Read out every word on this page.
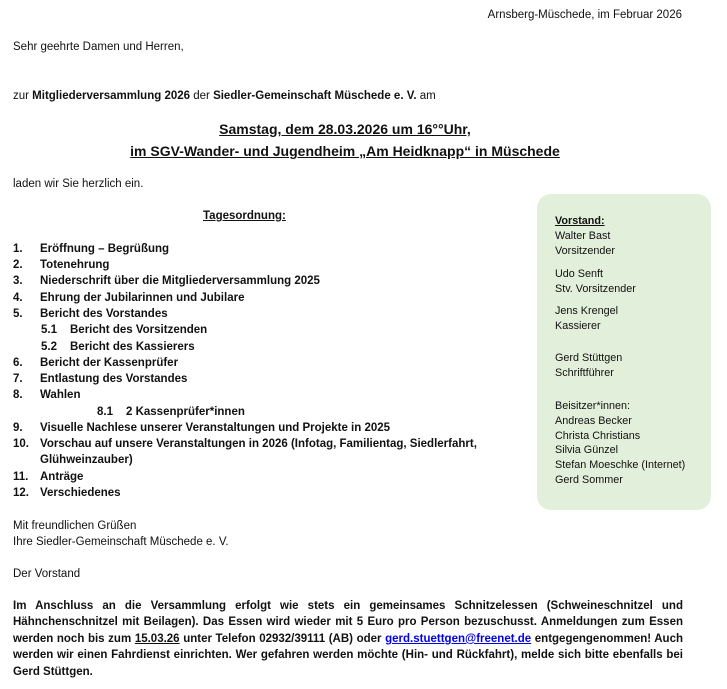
Arnsberg-Müschede, im Februar 2026
Sehr geehrte Damen und Herren,
zur Mitgliederversammlung 2026 der Siedler-Gemeinschaft Müschede e. V. am
Samstag, dem 28.03.2026 um 16°°Uhr,
im SGV-Wander- und Jugendheim „Am Heidknapp“ in Müschede
laden wir Sie herzlich ein.
Tagesordnung:
1. Eröffnung – Begrüßung
2. Totenehrung
3. Niederschrift über die Mitgliederversammlung 2025
4. Ehrung der Jubilarinnen und Jubilare
5. Bericht des Vorstandes
5.1 Bericht des Vorsitzenden
5.2 Bericht des Kassierers
6. Bericht der Kassenprüfer
7. Entlastung des Vorstandes
8. Wahlen
8.1 2 Kassenprüfer*innen
9. Visuelle Nachlese unserer Veranstaltungen und Projekte in 2025
10. Vorschau auf unsere Veranstaltungen in 2026 (Infotag, Familientag, Siedlerfahrt,
Glühweinzauber)
11. Anträge
12. Verschiedenes
Vorstand:
Walter Bast
Vorsitzender
Udo Senft
Stv. Vorsitzender
Jens Krengel
Kassierer
Gerd Stüttgen
Schriftführer
Beisitzer*innen:
Andreas Becker
Christa Christians
Silvia Günzel
Stefan Moeschke (Internet)
Gerd Sommer
Mit freundlichen Grüßen
Ihre Siedler-Gemeinschaft Müschede e. V.
Der Vorstand
Im Anschluss an die Versammlung erfolgt wie stets ein gemeinsames Schnitzelessen (Schweineschnitzel und Hähnchenschnitzel mit Beilagen). Das Essen wird wieder mit 5 Euro pro Person bezuschusst. Anmeldungen zum Essen werden noch bis zum 15.03.26 unter Telefon 02932/39111 (AB) oder gerd.stuettgen@freenet.de entgegengenommen! Auch werden wir einen Fahrdienst einrichten. Wer gefahren werden möchte (Hin- und Rückfahrt), melde sich bitte ebenfalls bei Gerd Stüttgen.
